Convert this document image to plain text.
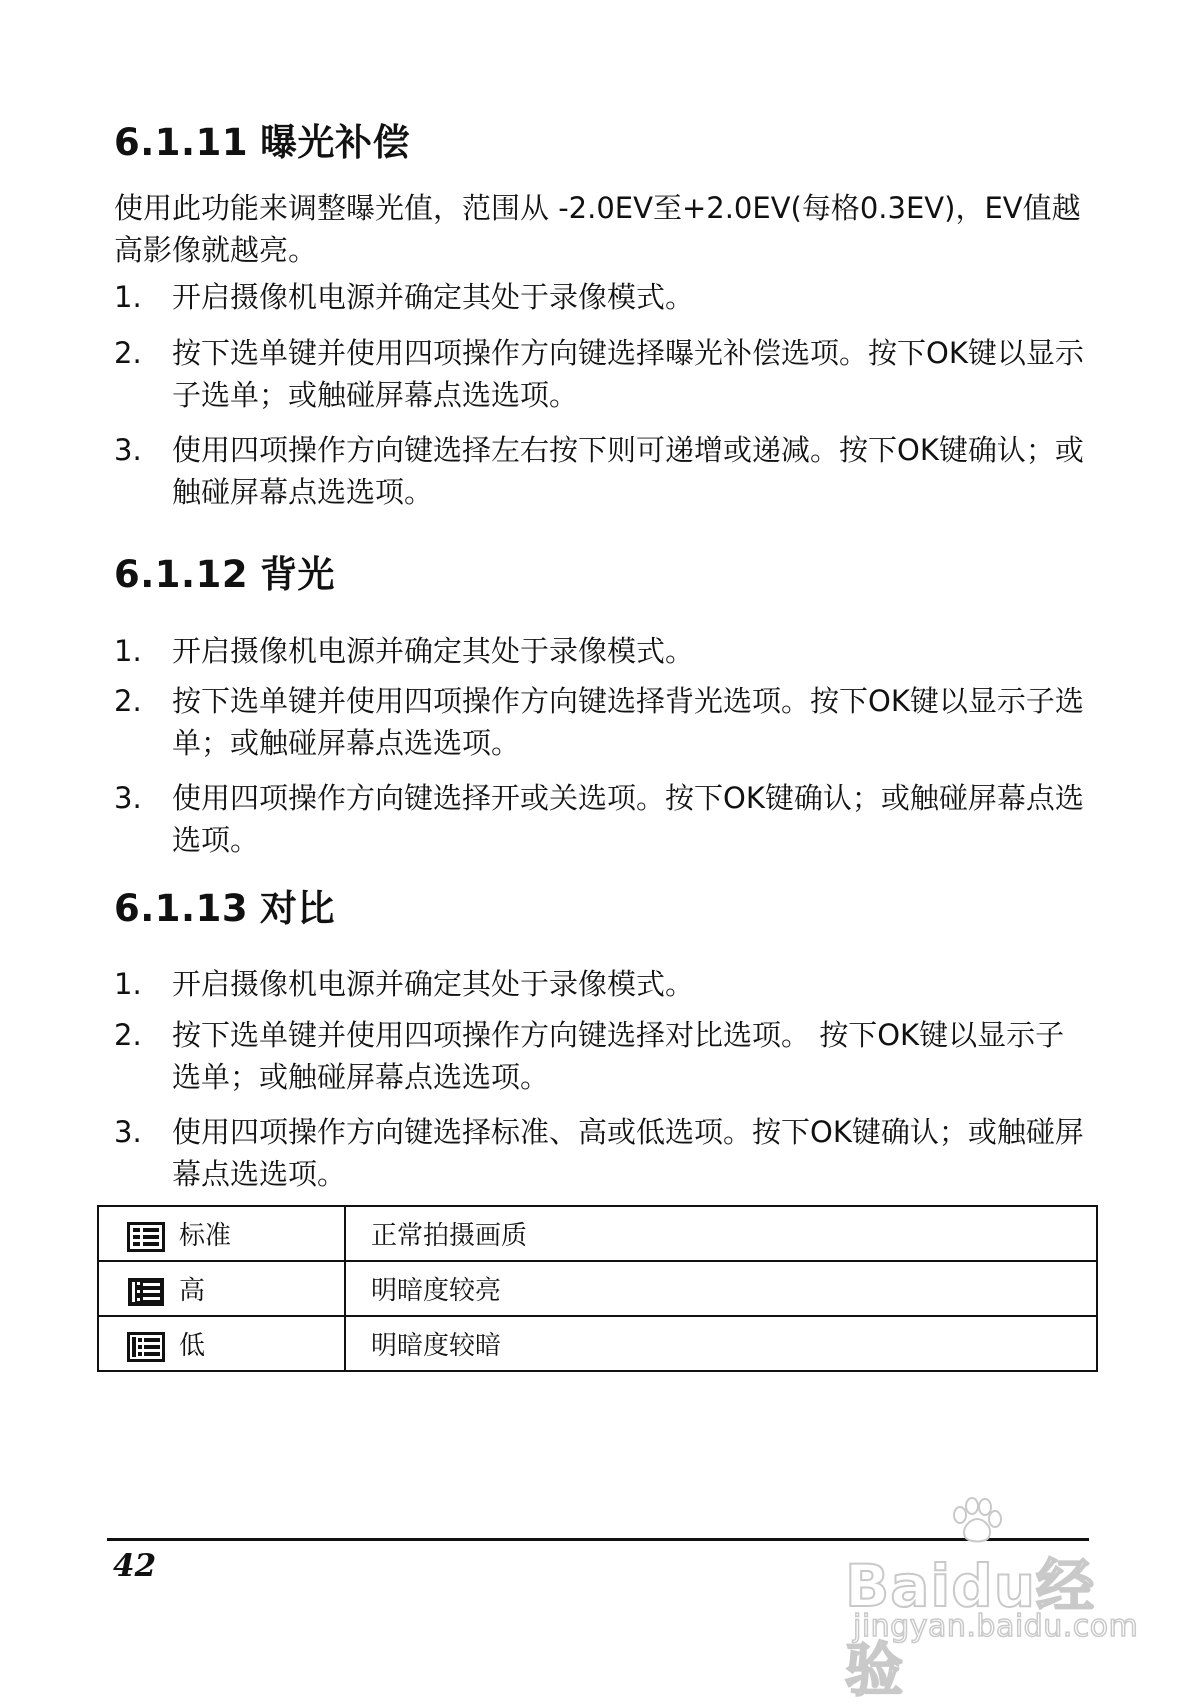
6.1.11 曝光补偿

使用此功能来调整曝光值，范围从 -2.0EV至+2.0EV(每格0.3EV)，EV值越高影像就越亮。

1. 开启摄像机电源并确定其处于录像模式。
2. 按下选单键并使用四项操作方向键选择曝光补偿选项。按下OK键以显示子选单；或触碰屏幕点选选项。
3. 使用四项操作方向键选择左右按下则可递增或递减。按下OK键确认；或触碰屏幕点选选项。
6.1.12 背光
1. 开启摄像机电源并确定其处于录像模式。
2. 按下选单键并使用四项操作方向键选择背光选项。按下OK键以显示子选单；或触碰屏幕点选选项。
3. 使用四项操作方向键选择开或关选项。按下OK键确认；或触碰屏幕点选选项。
6.1.13 对比
1. 开启摄像机电源并确定其处于录像模式。
2. 按下选单键并使用四项操作方向键选择对比选项。 按下OK键以显示子选单；或触碰屏幕点选选项。
3. 使用四项操作方向键选择标准、高或低选项。按下OK键确认；或触碰屏幕点选选项。
标准	正常拍摄画质

高	明暗度较亮

低	明暗度较暗
42	Baidu经验
jingyan.baidu.com
